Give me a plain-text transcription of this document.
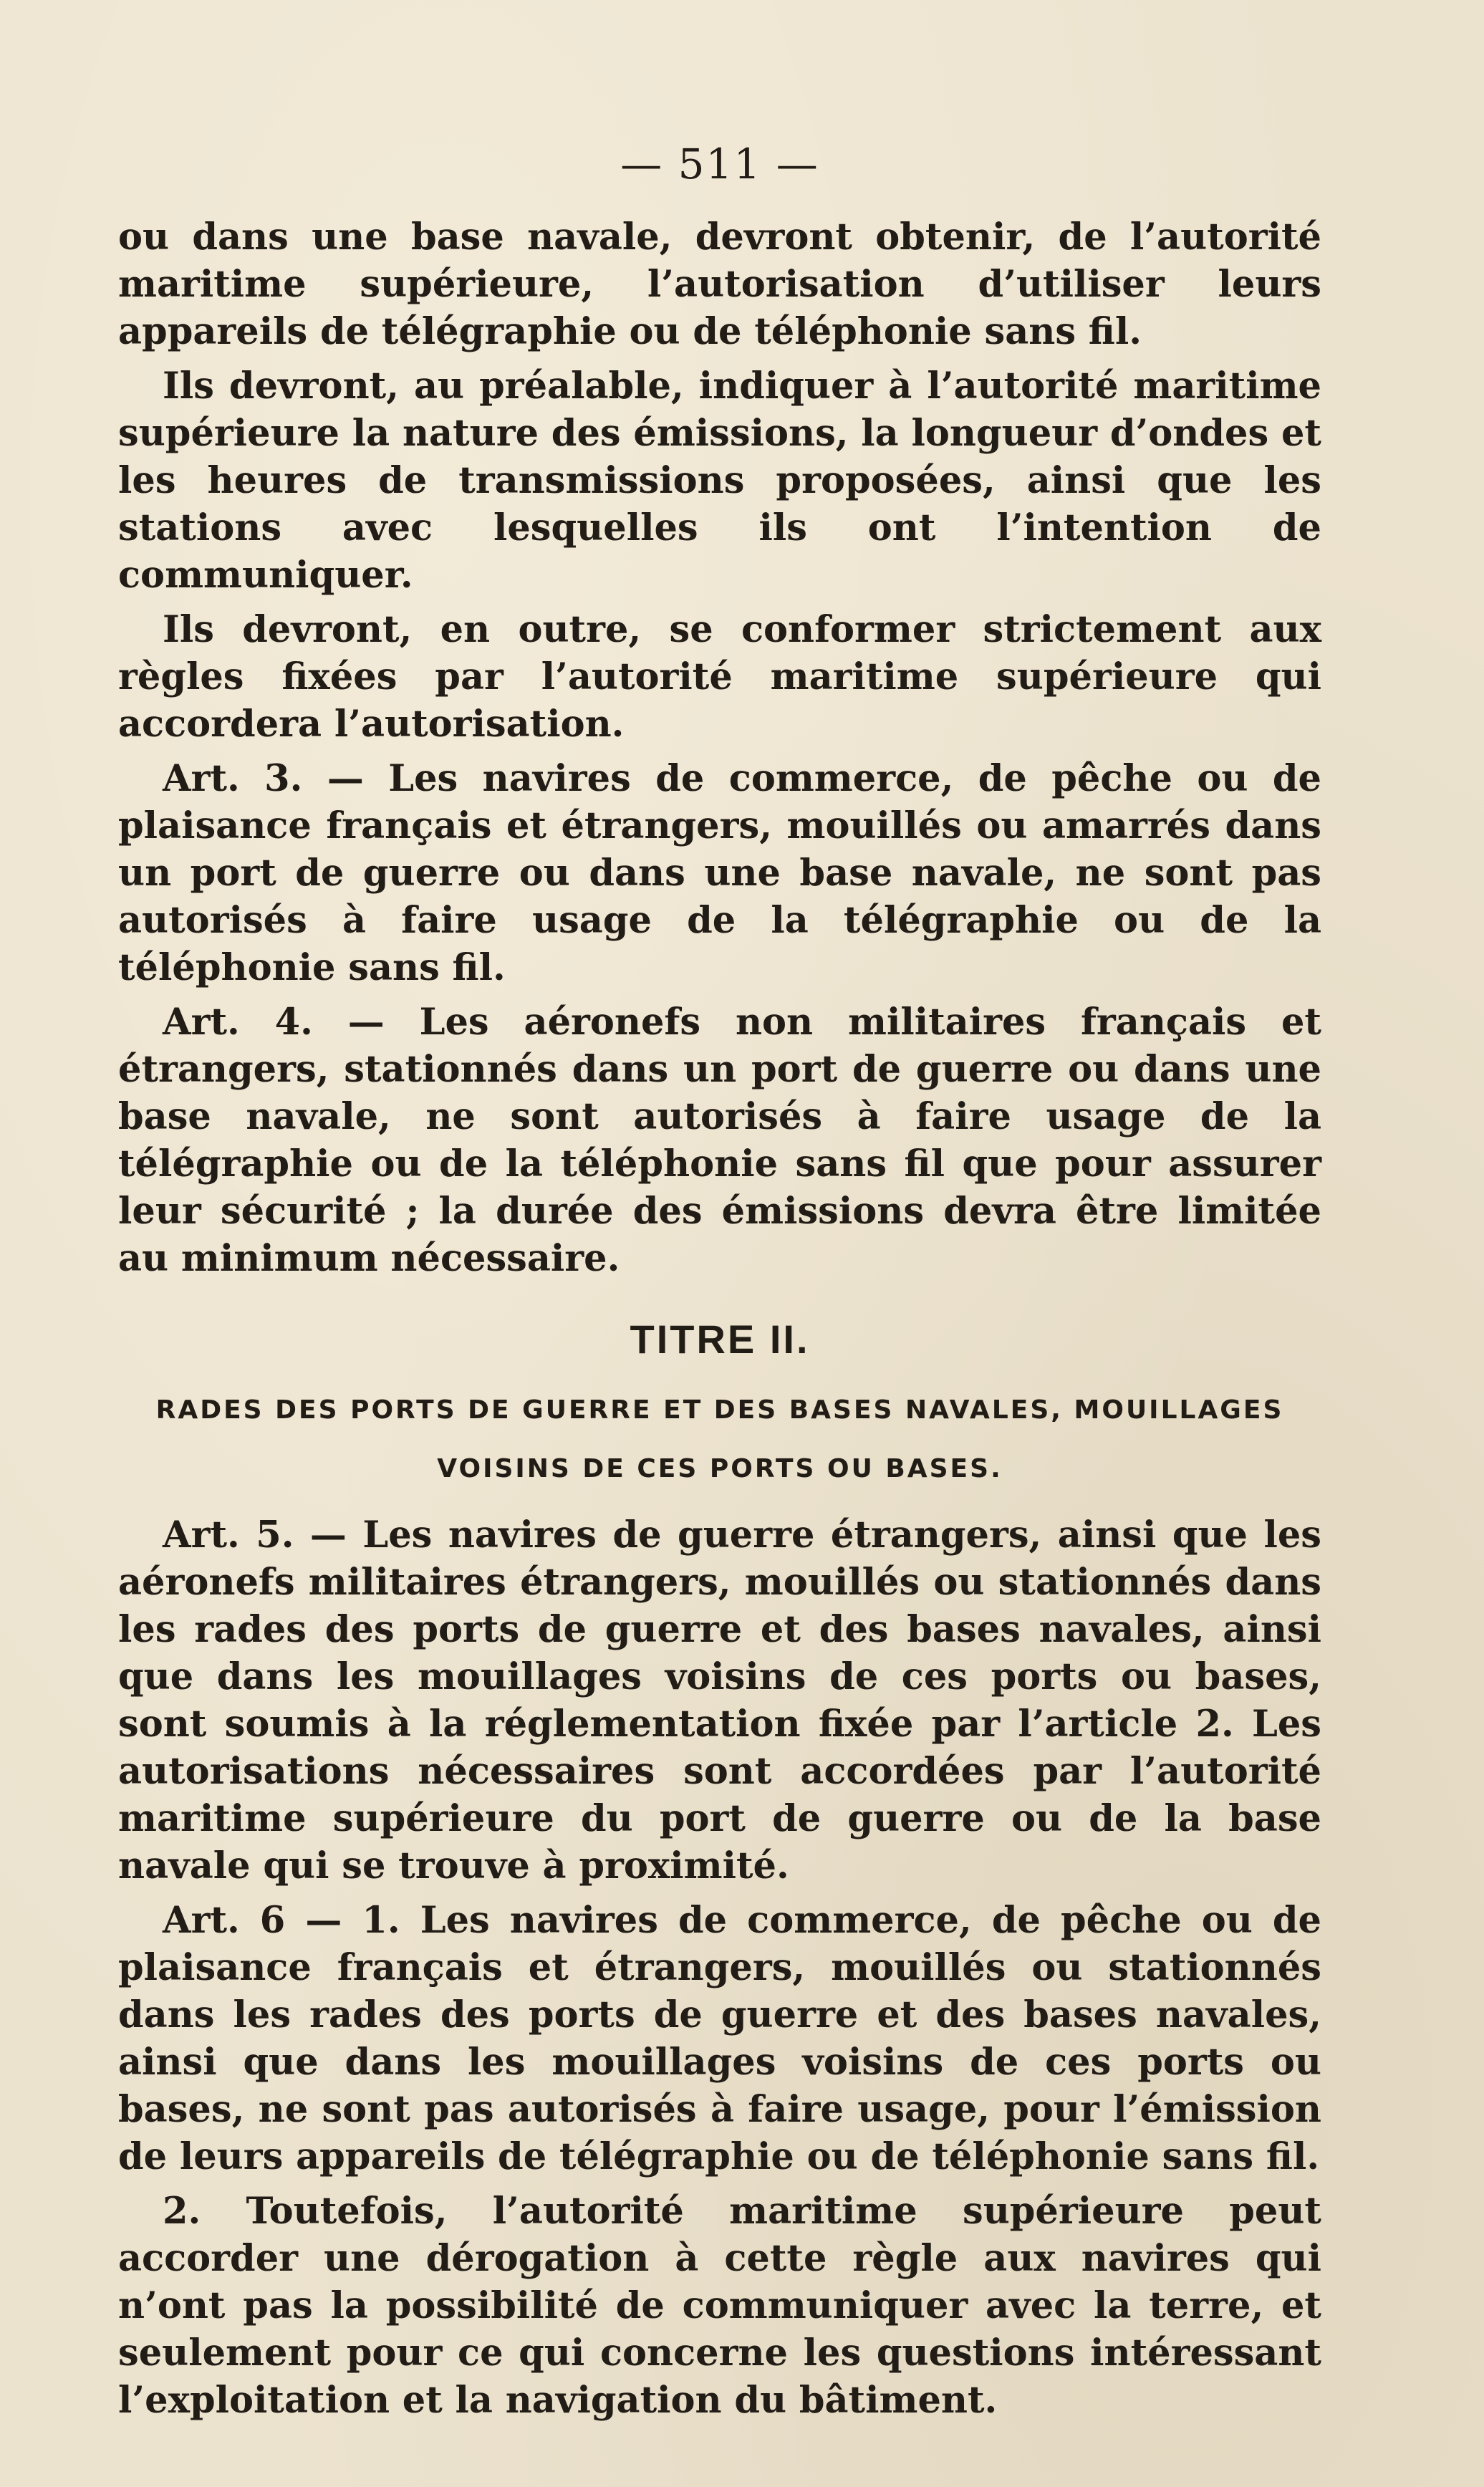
— 511 —

ou dans une base navale, devront obtenir, de l’autorité maritime supérieure, l’autorisation d’utiliser leurs appareils de télégraphie ou de téléphonie sans fil.

Ils devront, au préalable, indiquer à l’autorité maritime supérieure la nature des émissions, la longueur d’ondes et les heures de transmissions proposées, ainsi que les stations avec lesquelles ils ont l’intention de communiquer.

Ils devront, en outre, se conformer strictement aux règles fixées par l’autorité maritime supérieure qui accordera l’autorisation.

Art. 3. — Les navires de commerce, de pêche ou de plaisance français et étrangers, mouillés ou amarrés dans un port de guerre ou dans une base navale, ne sont pas autorisés à faire usage de la télégraphie ou de la téléphonie sans fil.

Art. 4. — Les aéronefs non militaires français et étrangers, stationnés dans un port de guerre ou dans une base navale, ne sont autorisés à faire usage de la télégraphie ou de la téléphonie sans fil que pour assurer leur sécurité ; la durée des émissions devra être limitée au minimum nécessaire.

TITRE II.
RADES DES PORTS DE GUERRE ET DES BASES NAVALES, MOUILLAGES VOISINS DE CES PORTS OU BASES.

Art. 5. — Les navires de guerre étrangers, ainsi que les aéronefs militaires étrangers, mouillés ou stationnés dans les rades des ports de guerre et des bases navales, ainsi que dans les mouillages voisins de ces ports ou bases, sont soumis à la réglementation fixée par l’article 2. Les autorisations nécessaires sont accordées par l’autorité maritime supérieure du port de guerre ou de la base navale qui se trouve à proximité.

Art. 6 — 1. Les navires de commerce, de pêche ou de plaisance français et étrangers, mouillés ou stationnés dans les rades des ports de guerre et des bases navales, ainsi que dans les mouillages voisins de ces ports ou bases, ne sont pas autorisés à faire usage, pour l’émission de leurs appareils de télégraphie ou de téléphonie sans fil.

2. Toutefois, l’autorité maritime supérieure peut accorder une dérogation à cette règle aux navires qui n’ont pas la possibilité de communiquer avec la terre, et seulement pour ce qui concerne les questions intéressant l’exploitation et la navigation du bâtiment.
